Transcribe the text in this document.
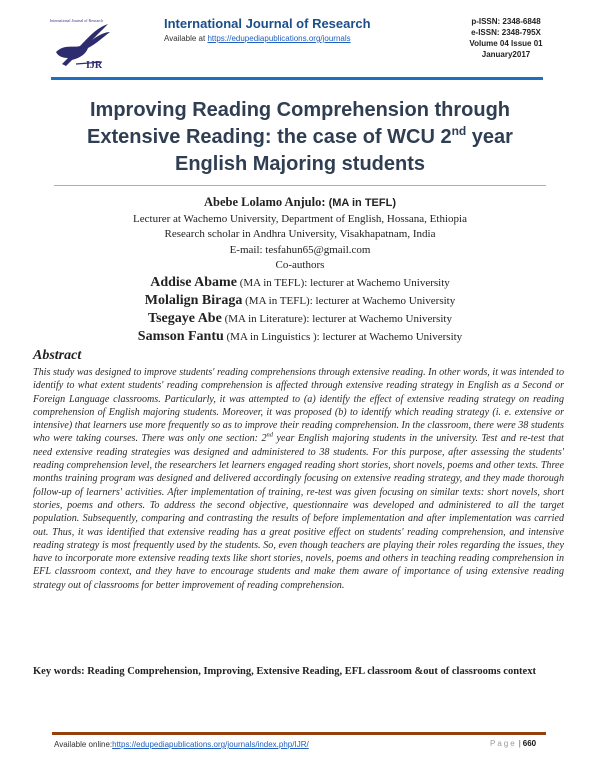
International Journal of Research
IJR
International Journal of Research
Available at https://edupediapublications.org/journals
p-ISSN: 2348-6848
e-ISSN: 2348-795X
Volume 04 Issue 01
January2017
Improving Reading Comprehension through
Extensive Reading: the case of WCU 2nd year
English Majoring students
Abebe Lolamo Anjulo: (MA in TEFL)
Lecturer at Wachemo University, Department of English, Hossana, Ethiopia
Research scholar in Andhra University, Visakhapatnam, India
E-mail: tesfahun65@gmail.com
Co-authors
Addise Abame (MA in TEFL): lecturer at Wachemo University
Molalign Biraga (MA in TEFL): lecturer at Wachemo University
Tsegaye Abe (MA in Literature): lecturer at Wachemo University
Samson Fantu (MA in Linguistics ): lecturer at Wachemo University
Abstract
This study was designed to improve students' reading comprehensions through extensive reading. In other words, it was intended to identify to what extent students' reading comprehension is affected through extensive reading strategy in English as a Second or Foreign Language classrooms. Particularly, it was attempted to (a) identify the effect of extensive reading strategy on reading comprehension of English majoring students. Moreover, it was proposed (b) to identify which reading strategy (i. e. extensive or intensive) that learners use more frequently so as to improve their reading comprehension. In the classroom, there were 38 students who were taking courses. There was only one section: 2nd year English majoring students in the university. Test and re-test that need extensive reading strategies was designed and administered to 38 students. For this purpose, after assessing the students' reading comprehension level, the researchers let learners engaged reading short stories, short novels, poems and other texts. Three months training program was designed and delivered accordingly focusing on extensive reading strategy, and they made thorough follow-up of learners' activities. After implementation of training, re-test was given focusing on similar texts: short novels, short stories, poems and others. To address the second objective, questionnaire was developed and administered to all the target population. Subsequently, comparing and contrasting the results of before implementation and after implementation was carried out. Thus, it was identified that extensive reading has a great positive effect on students' reading comprehension, and intensive reading strategy is most frequently used by the students. So, even though teachers are playing their roles regarding the issues, they have to incorporate more extensive reading texts like short stories, novels, poems and others in teaching reading comprehension in EFL classroom context, and they have to encourage students and make them aware of importance of using extensive reading strategy out of classrooms for better improvement of reading comprehension.
Key words: Reading Comprehension, Improving, Extensive Reading, EFL classroom &out of classrooms context
Available online:https://edupediapublications.org/journals/index.php/IJR/	Page | 660
